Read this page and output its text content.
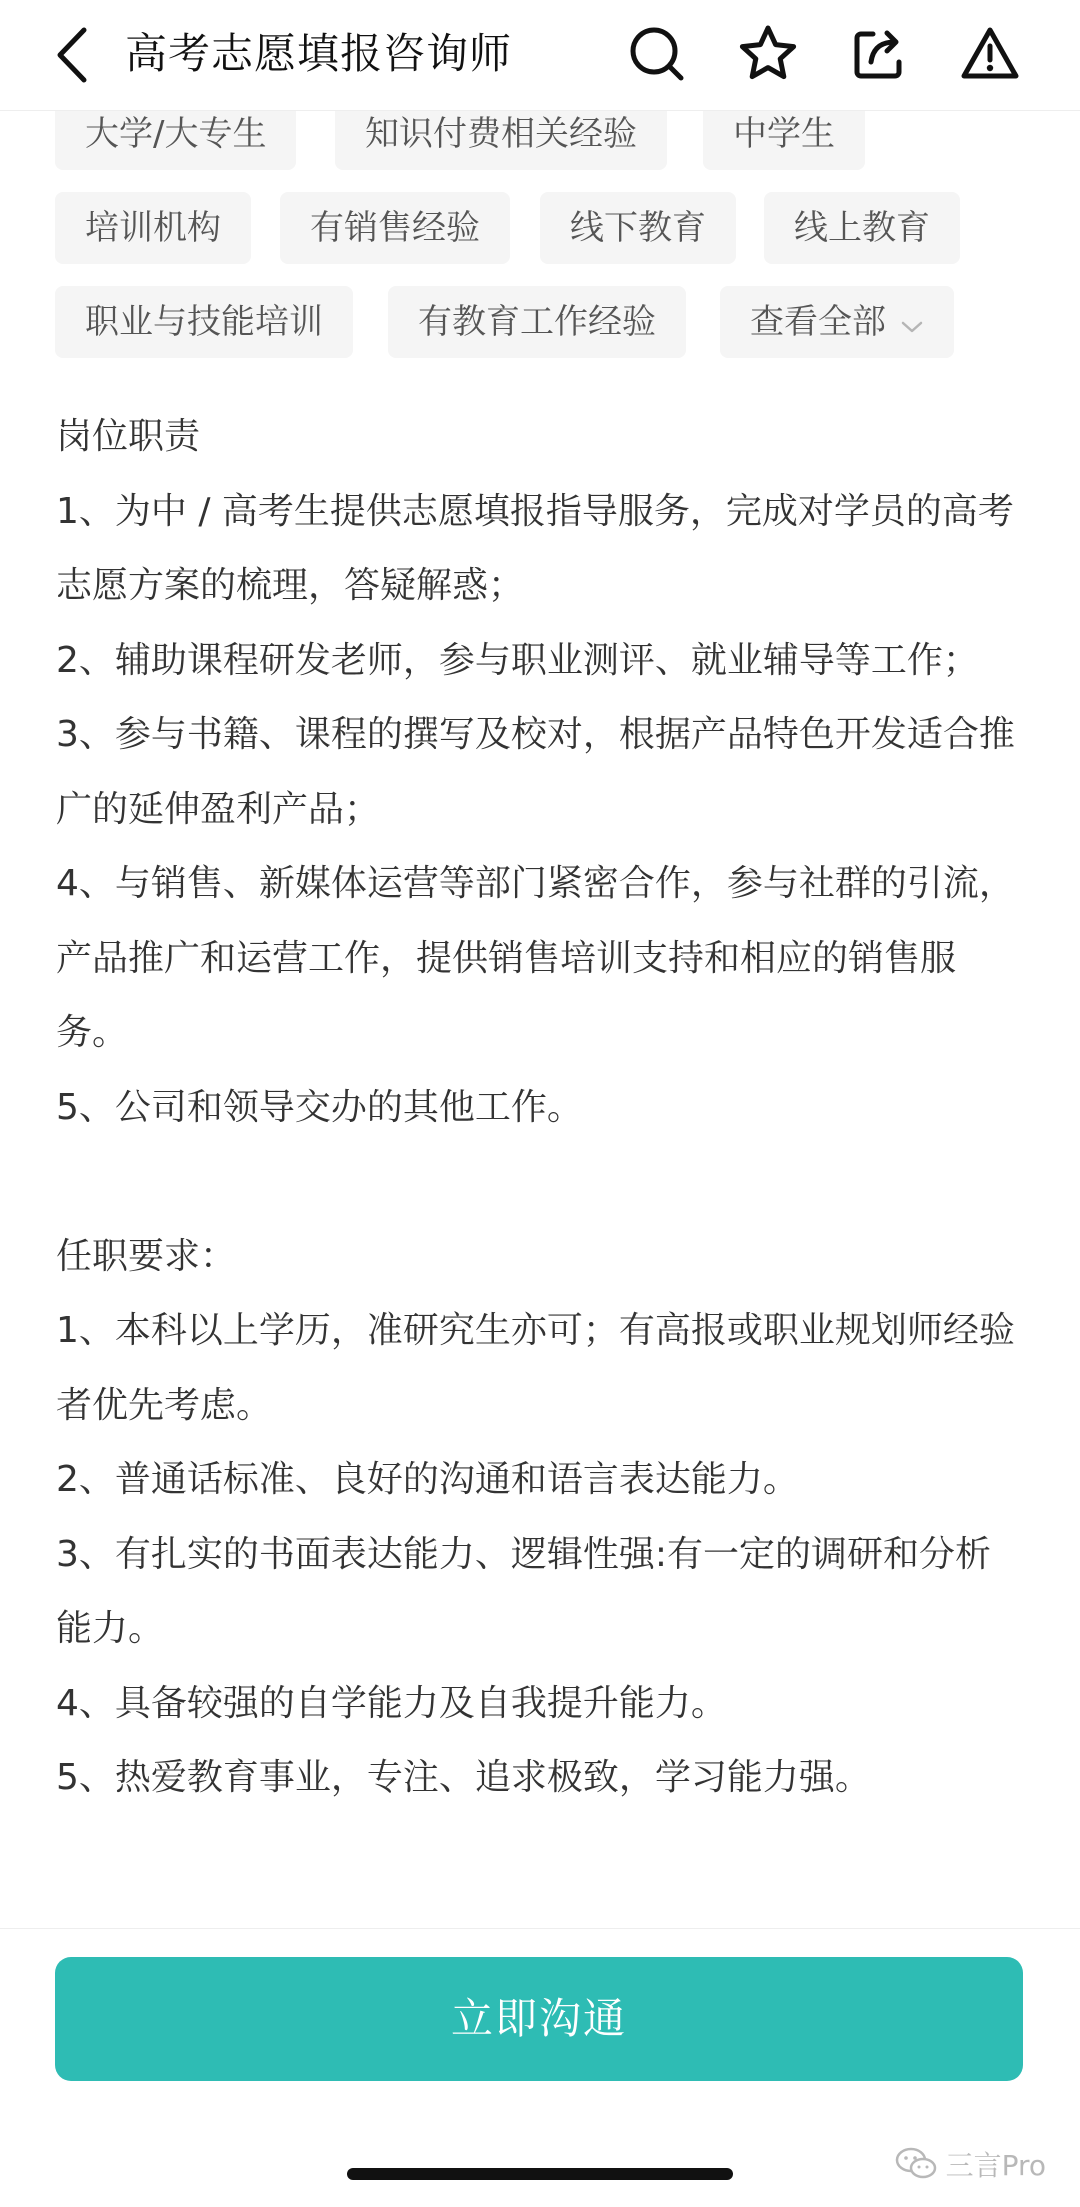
高考志愿填报咨询师
大学/大专生	知识付费相关经验	中学生
培训机构	有销售经验	线下教育	线上教育
职业与技能培训	有教育工作经验	查看全部

岗位职责

1、为中 / 高考生提供志愿填报指导服务，完成对学员的高考志愿方案的梳理，答疑解惑；

2、辅助课程研发老师，参与职业测评、就业辅导等工作；

3、参与书籍、课程的撰写及校对，根据产品特色开发适合推广的延伸盈利产品；

4、与销售、新媒体运营等部门紧密合作，参与社群的引流，产品推广和运营工作，提供销售培训支持和相应的销售服务。

5、公司和领导交办的其他工作。

任职要求：

1、本科以上学历，准研究生亦可；有高报或职业规划师经验者优先考虑。

2、普通话标准、良好的沟通和语言表达能力。

3、有扎实的书面表达能力、逻辑性强:有一定的调研和分析能力。

4、具备较强的自学能力及自我提升能力。

5、热爱教育事业，专注、追求极致，学习能力强。

立即沟通
三言Pro
